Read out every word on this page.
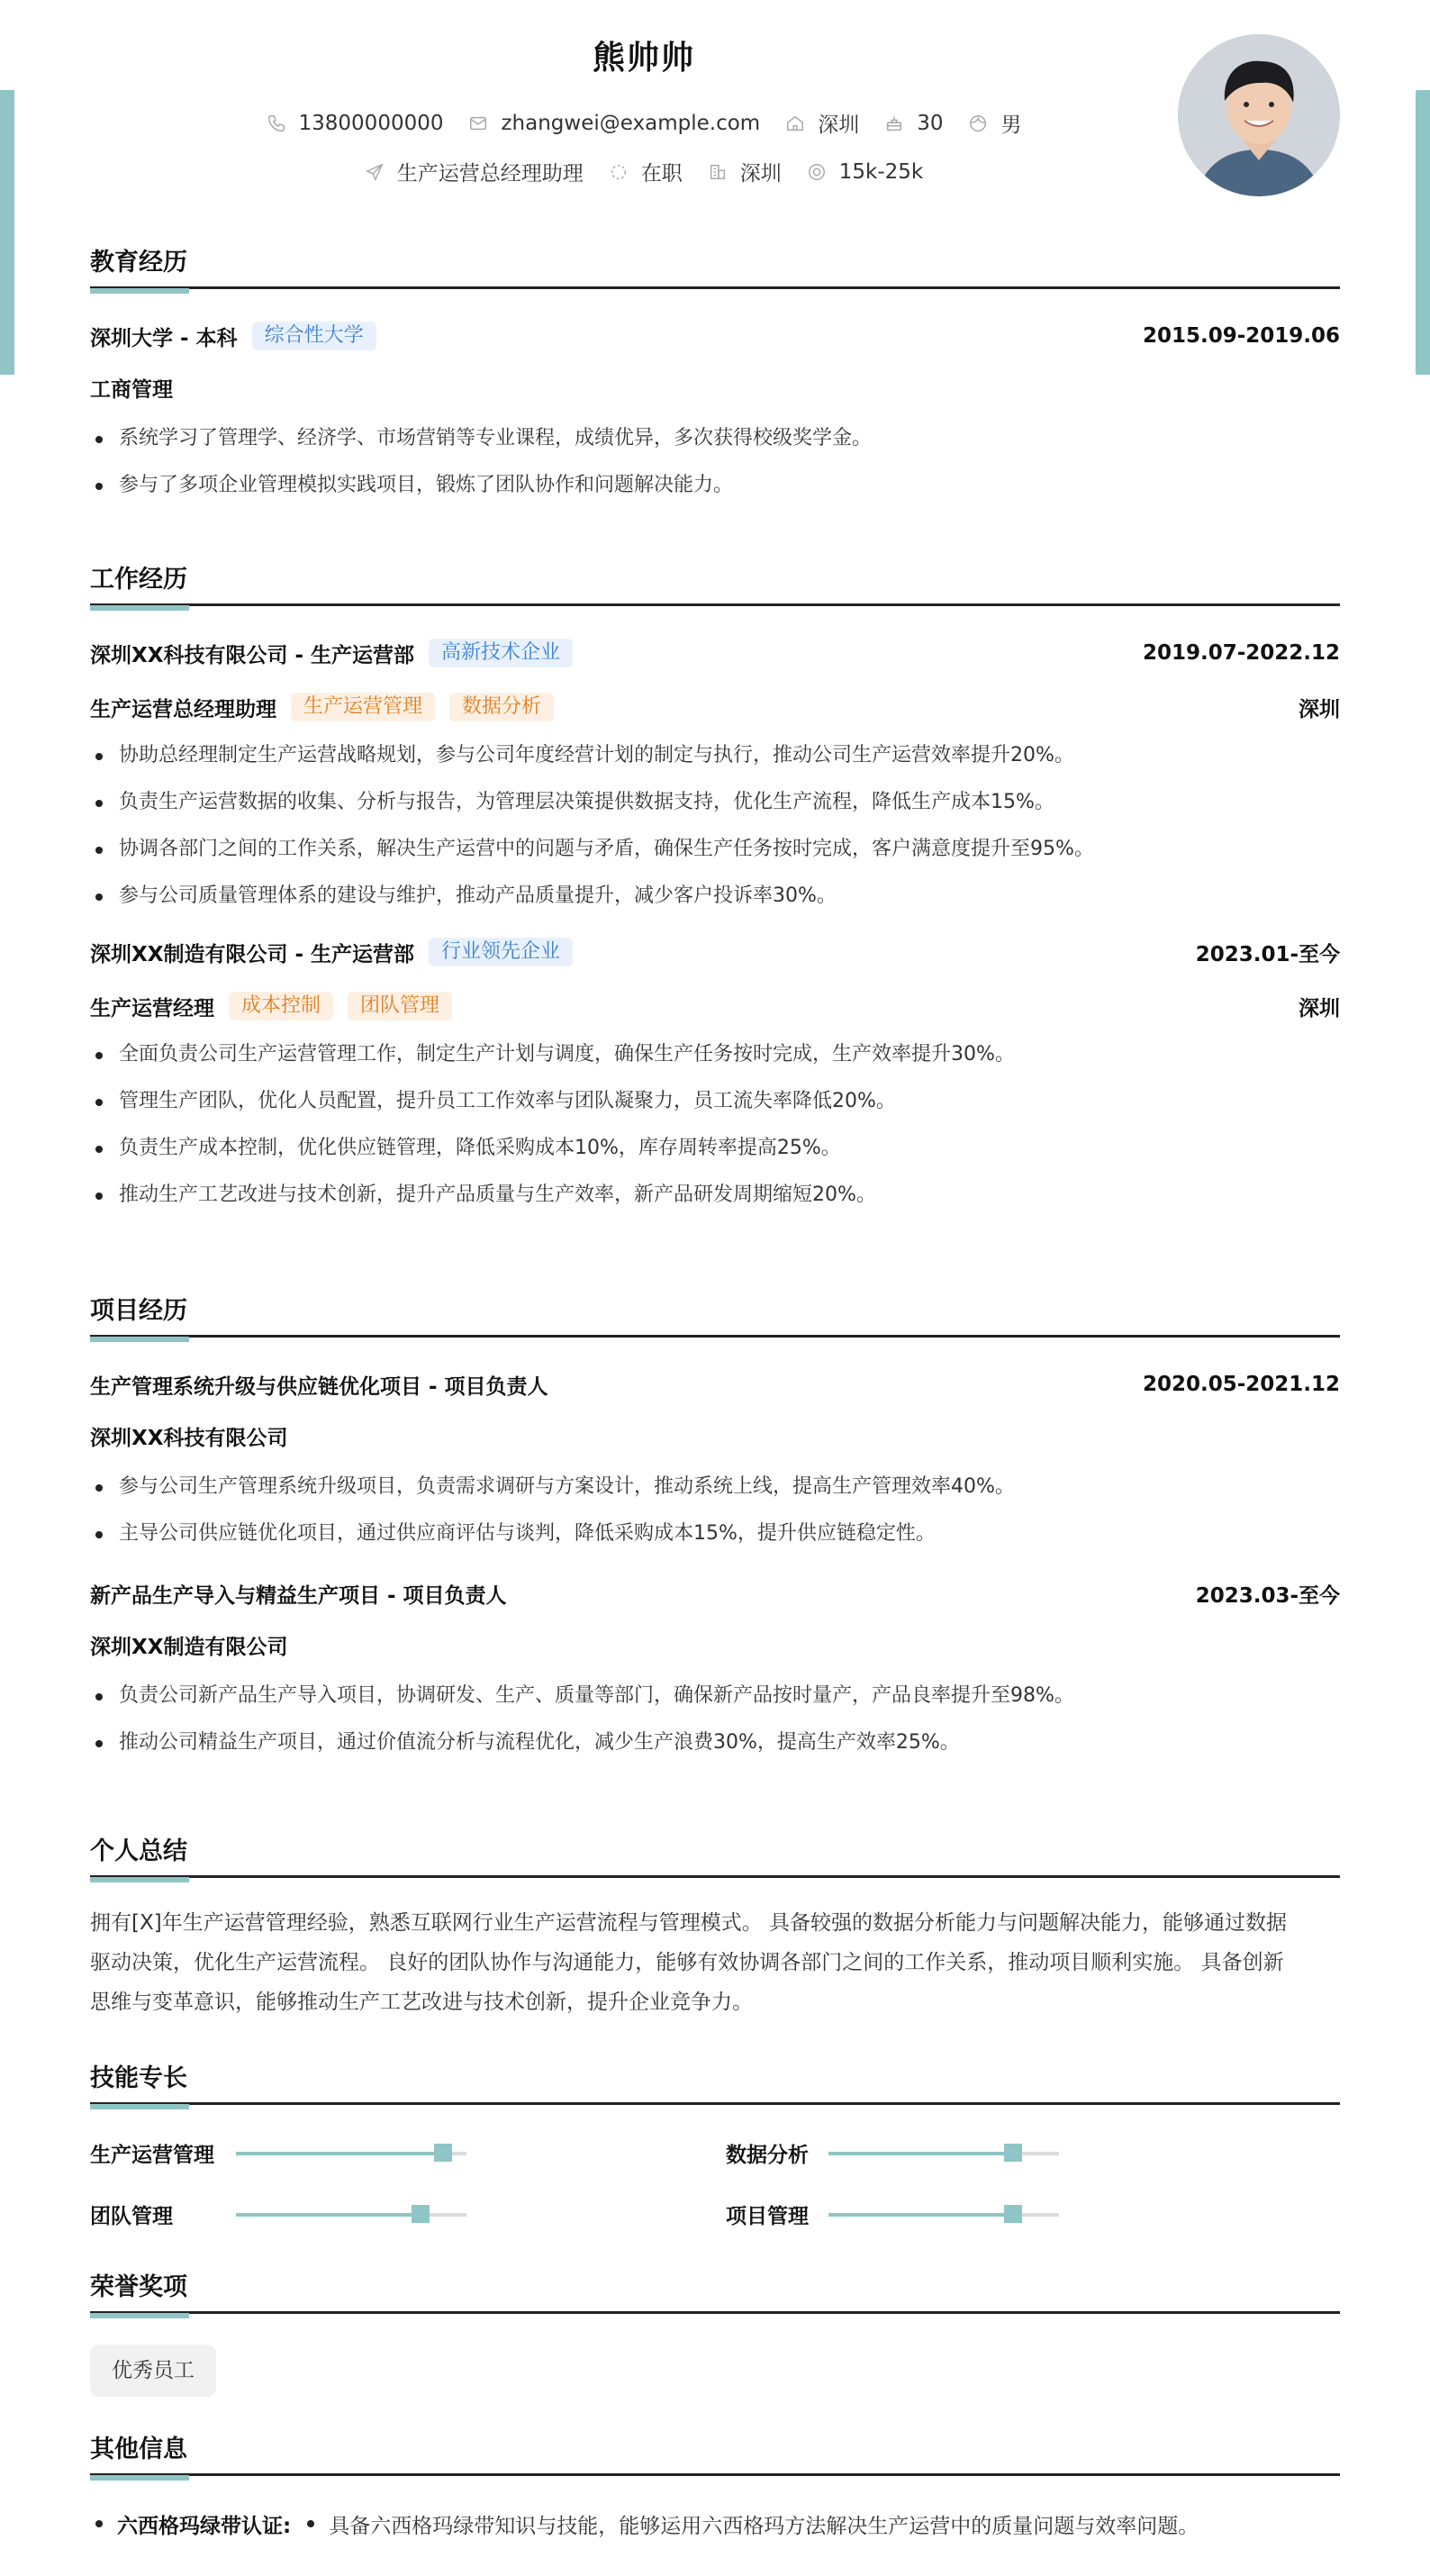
熊帅帅
13800000000	zhangwei@example.com	深圳	30	男
生产运营总经理助理	在职	深圳	15k-25k
教育经历
深圳大学 - 本科	综合性大学	2015.09-2019.06
工商管理
系统学习了管理学、经济学、市场营销等专业课程，成绩优异，多次获得校级奖学金。
参与了多项企业管理模拟实践项目，锻炼了团队协作和问题解决能力。
工作经历
深圳XX科技有限公司 - 生产运营部	高新技术企业	2019.07-2022.12
生产运营总经理助理	生产运营管理	数据分析	深圳
协助总经理制定生产运营战略规划，参与公司年度经营计划的制定与执行，推动公司生产运营效率提升20%。
负责生产运营数据的收集、分析与报告，为管理层决策提供数据支持，优化生产流程，降低生产成本15%。
协调各部门之间的工作关系，解决生产运营中的问题与矛盾，确保生产任务按时完成，客户满意度提升至95%。
参与公司质量管理体系的建设与维护，推动产品质量提升，减少客户投诉率30%。
深圳XX制造有限公司 - 生产运营部	行业领先企业	2023.01-至今
生产运营经理	成本控制	团队管理	深圳
全面负责公司生产运营管理工作，制定生产计划与调度，确保生产任务按时完成，生产效率提升30%。
管理生产团队，优化人员配置，提升员工工作效率与团队凝聚力，员工流失率降低20%。
负责生产成本控制，优化供应链管理，降低采购成本10%，库存周转率提高25%。
推动生产工艺改进与技术创新，提升产品质量与生产效率，新产品研发周期缩短20%。
项目经历
生产管理系统升级与供应链优化项目 - 项目负责人	2020.05-2021.12
深圳XX科技有限公司
参与公司生产管理系统升级项目，负责需求调研与方案设计，推动系统上线，提高生产管理效率40%。
主导公司供应链优化项目，通过供应商评估与谈判，降低采购成本15%，提升供应链稳定性。
新产品生产导入与精益生产项目 - 项目负责人	2023.03-至今
深圳XX制造有限公司
负责公司新产品生产导入项目，协调研发、生产、质量等部门，确保新产品按时量产，产品良率提升至98%。
推动公司精益生产项目，通过价值流分析与流程优化，减少生产浪费30%，提高生产效率25%。
个人总结
拥有[X]年生产运营管理经验，熟悉互联网行业生产运营流程与管理模式。 具备较强的数据分析能力与问题解决能力，能够通过数据
驱动决策，优化生产运营流程。 良好的团队协作与沟通能力，能够有效协调各部门之间的工作关系，推动项目顺利实施。 具备创新
思维与变革意识，能够推动生产工艺改进与技术创新，提升企业竞争力。
技能专长
生产运营管理	数据分析
团队管理	项目管理
荣誉奖项
优秀员工
其他信息
六西格玛绿带认证: 具备六西格玛绿带知识与技能，能够运用六西格玛方法解决生产运营中的质量问题与效率问题。
